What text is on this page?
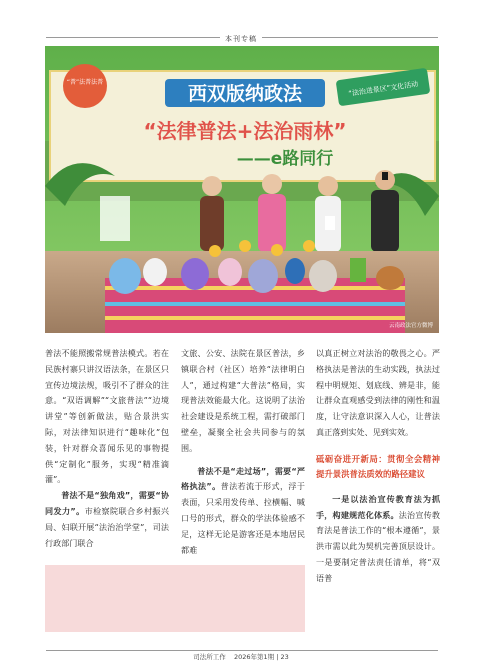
本刊专稿
西双版纳政法
“普”法普法普	“法治进景区”文化活动
“法律普法+法治雨林”
——e路同行
云南政法官方微博

普法不能照搬常规普法模式。若在民族村寨只讲汉语法条，在景区只宣传边境法规，吸引不了群众的注意。“双语调解”“文旅普法”“边境讲堂”等创新做法，贴合景洪实际，对法律知识进行“趣味化”包装，针对群众喜闻乐见的事物提供“定制化”服务，实现“精准滴灌”。

普法不是“独角戏”，需要“协同发力”。市检察院联合乡村振兴局、妇联开展“法治治学堂”，司法行政部门联合

文旅、公安、法院在景区普法，乡镇联合村（社区）培养“法律明白人”，通过构建“大普法”格局，实现普法效能最大化。这说明了法治社会建设是系统工程，需打破部门壁垒，凝聚全社会共同参与的氛围。

普法不是“走过场”，需要“严格执法”。普法若流于形式，浮于表面，只采用发传单、拉横幅、喊口号的形式，群众的学法体验感不足，这样无论是游客还是本地居民都难

以真正树立对法治的敬畏之心。严格执法是普法的生动实践，执法过程中明规矩、划底线、辨是非，能让群众直观感受到法律的刚性和温度，让守法意识深入人心，让普法真正落到实处、见到实效。

砥砺奋进开新局：贯彻全会精神提升景洪普法质效的路径建议

一是以法治宣传教育法为抓手，构建规范化体系。法治宣传教育法是普法工作的“根本遵循”，景洪市需以此为契机完善顶层设计。一是要制定普法责任清单，将“双语普

司法所工作 2026年第1期 | 23
